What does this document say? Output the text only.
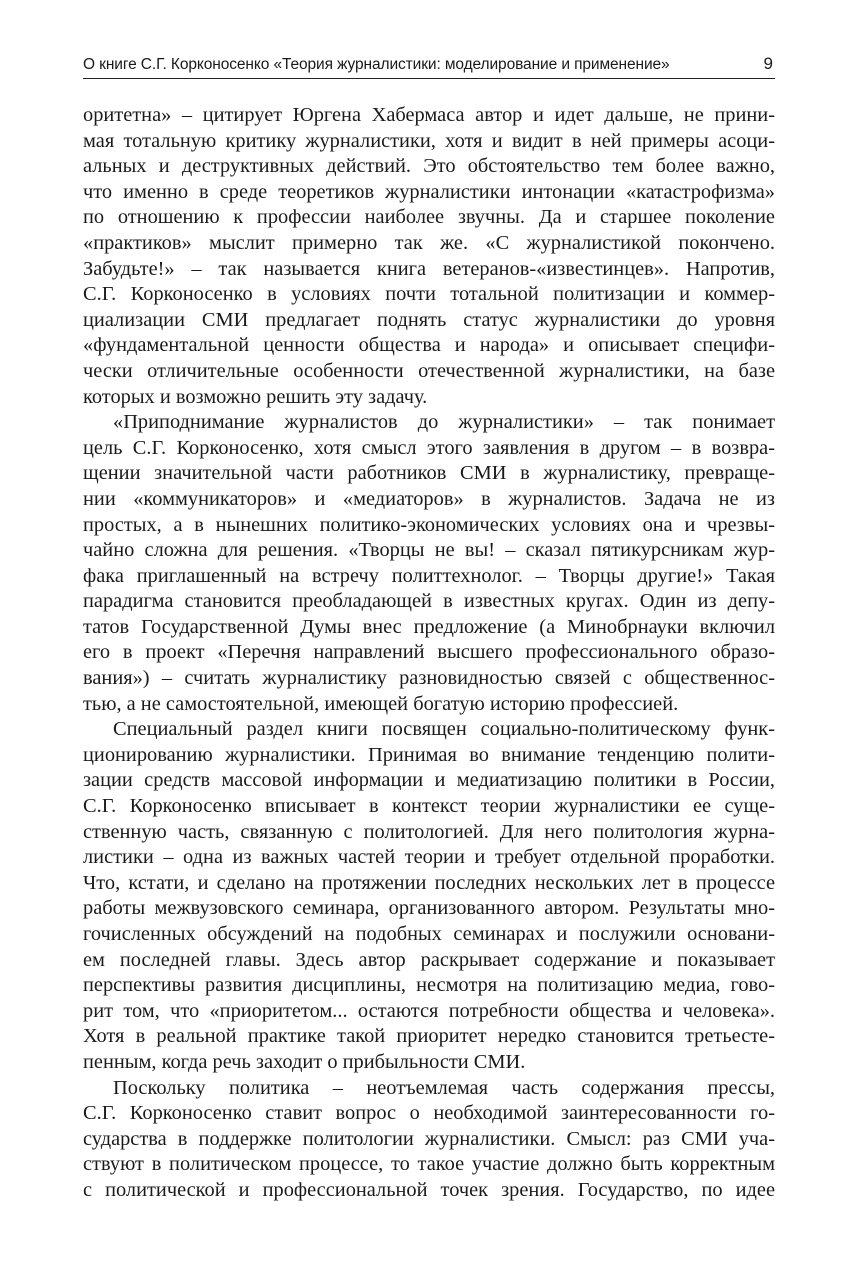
О книге С.Г. Корконосенко «Теория журналистики: моделирование и применение»	9

оритетна» – цитирует Юргена Хабермаса автор и идет дальше, не прини-
мая тотальную критику журналистики, хотя и видит в ней примеры асоци-
альных и деструктивных действий. Это обстоятельство тем более важно,
что именно в среде теоретиков журналистики интонации «катастрофизма»
по отношению к профессии наиболее звучны. Да и старшее поколение
«практиков» мыслит примерно так же. «С журналистикой покончено.
Забудьте!» – так называется книга ветеранов-«известинцев». Напротив,
С.Г. Корконосенко в условиях почти тотальной политизации и коммер-
циализации СМИ предлагает поднять статус журналистики до уровня
«фундаментальной ценности общества и народа» и описывает специфи-
чески отличительные особенности отечественной журналистики, на базе
которых и возможно решить эту задачу.

«Приподнимание журналистов до журналистики» – так понимает
цель С.Г. Корконосенко, хотя смысл этого заявления в другом – в возвра-
щении значительной части работников СМИ в журналистику, превраще-
нии «коммуникаторов» и «медиаторов» в журналистов. Задача не из
простых, а в нынешних политико-экономических условиях она и чрезвы-
чайно сложна для решения. «Творцы не вы! – сказал пятикурсникам жур-
фака приглашенный на встречу политтехнолог. – Творцы другие!» Такая
парадигма становится преобладающей в известных кругах. Один из депу-
татов Государственной Думы внес предложение (а Минобрнауки включил
его в проект «Перечня направлений высшего профессионального образо-
вания») – считать журналистику разновидностью связей с общественнос-
тью, а не самостоятельной, имеющей богатую историю профессией.

Специальный раздел книги посвящен социально-политическому функ-
ционированию журналистики. Принимая во внимание тенденцию полити-
зации средств массовой информации и медиатизацию политики в России,
С.Г. Корконосенко вписывает в контекст теории журналистики ее суще-
ственную часть, связанную с политологией. Для него политология журна-
листики – одна из важных частей теории и требует отдельной проработки.
Что, кстати, и сделано на протяжении последних нескольких лет в процессе
работы межвузовского семинара, организованного автором. Результаты мно-
гочисленных обсуждений на подобных семинарах и послужили основани-
ем последней главы. Здесь автор раскрывает содержание и показывает
перспективы развития дисциплины, несмотря на политизацию медиа, гово-
рит том, что «приоритетом... остаются потребности общества и человека».
Хотя в реальной практике такой приоритет нередко становится третьесте-
пенным, когда речь заходит о прибыльности СМИ.

Поскольку политика – неотъемлемая часть содержания прессы,
С.Г. Корконосенко ставит вопрос о необходимой заинтересованности го-
сударства в поддержке политологии журналистики. Смысл: раз СМИ уча-
ствуют в политическом процессе, то такое участие должно быть корректным
с политической и профессиональной точек зрения. Государство, по идее
